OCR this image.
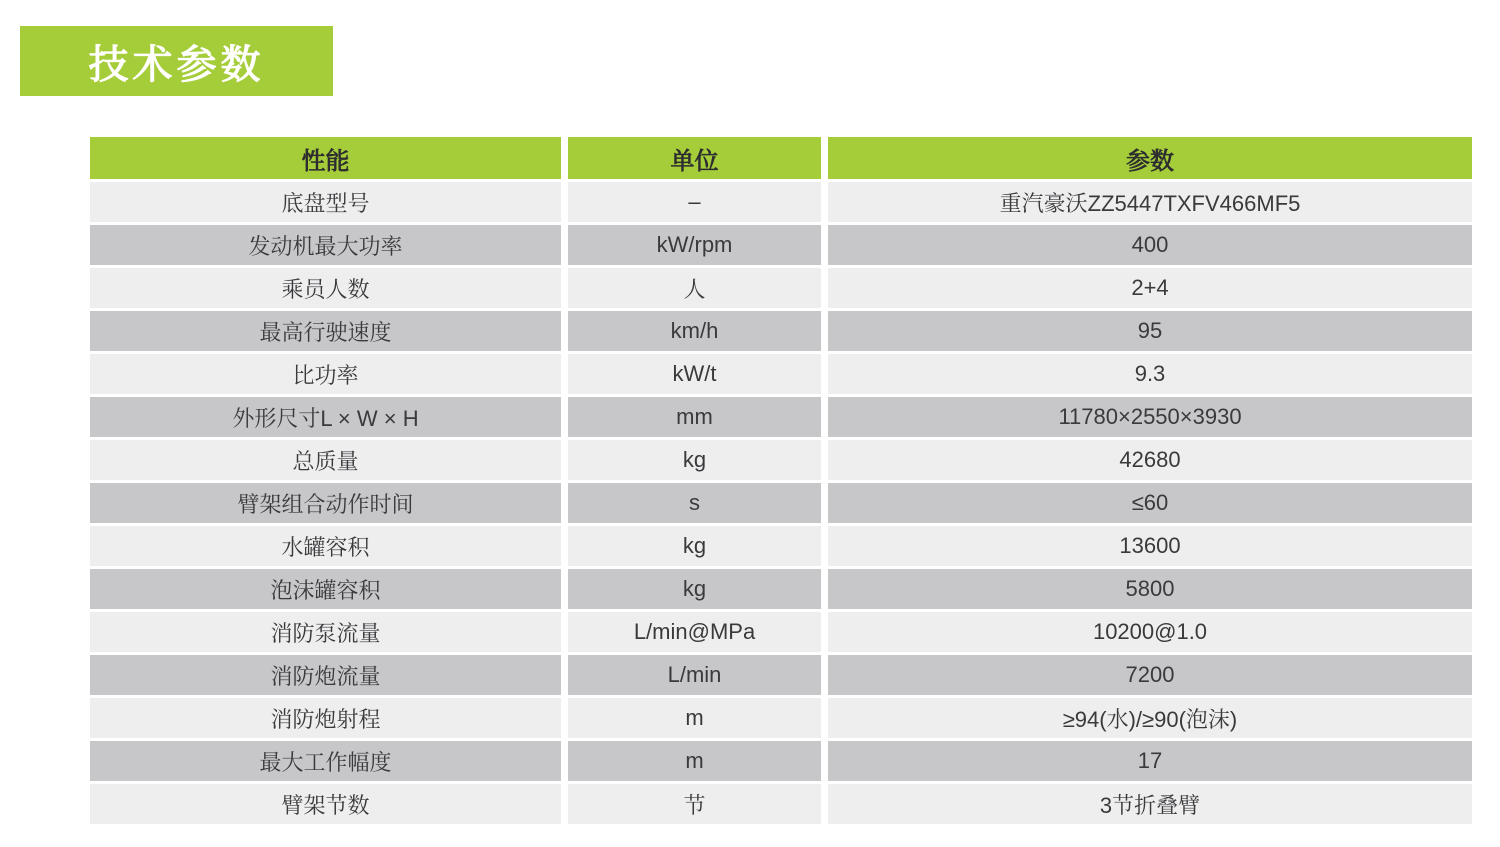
技术参数
性能	单位	参数
底盘型号	–	重汽豪沃ZZ5447TXFV466MF5
发动机最大功率	kW/rpm	400
乘员人数	人	2+4
最高行驶速度	km/h	95
比功率	kW/t	9.3
外形尺寸L × W × H	mm	11780×2550×3930
总质量	kg	42680
臂架组合动作时间	s	≤60
水罐容积	kg	13600
泡沫罐容积	kg	5800
消防泵流量	L/min@MPa	10200@1.0
消防炮流量	L/min	7200
消防炮射程	m	≥94(水)/≥90(泡沫)
最大工作幅度	m	17
臂架节数	节	3节折叠臂
